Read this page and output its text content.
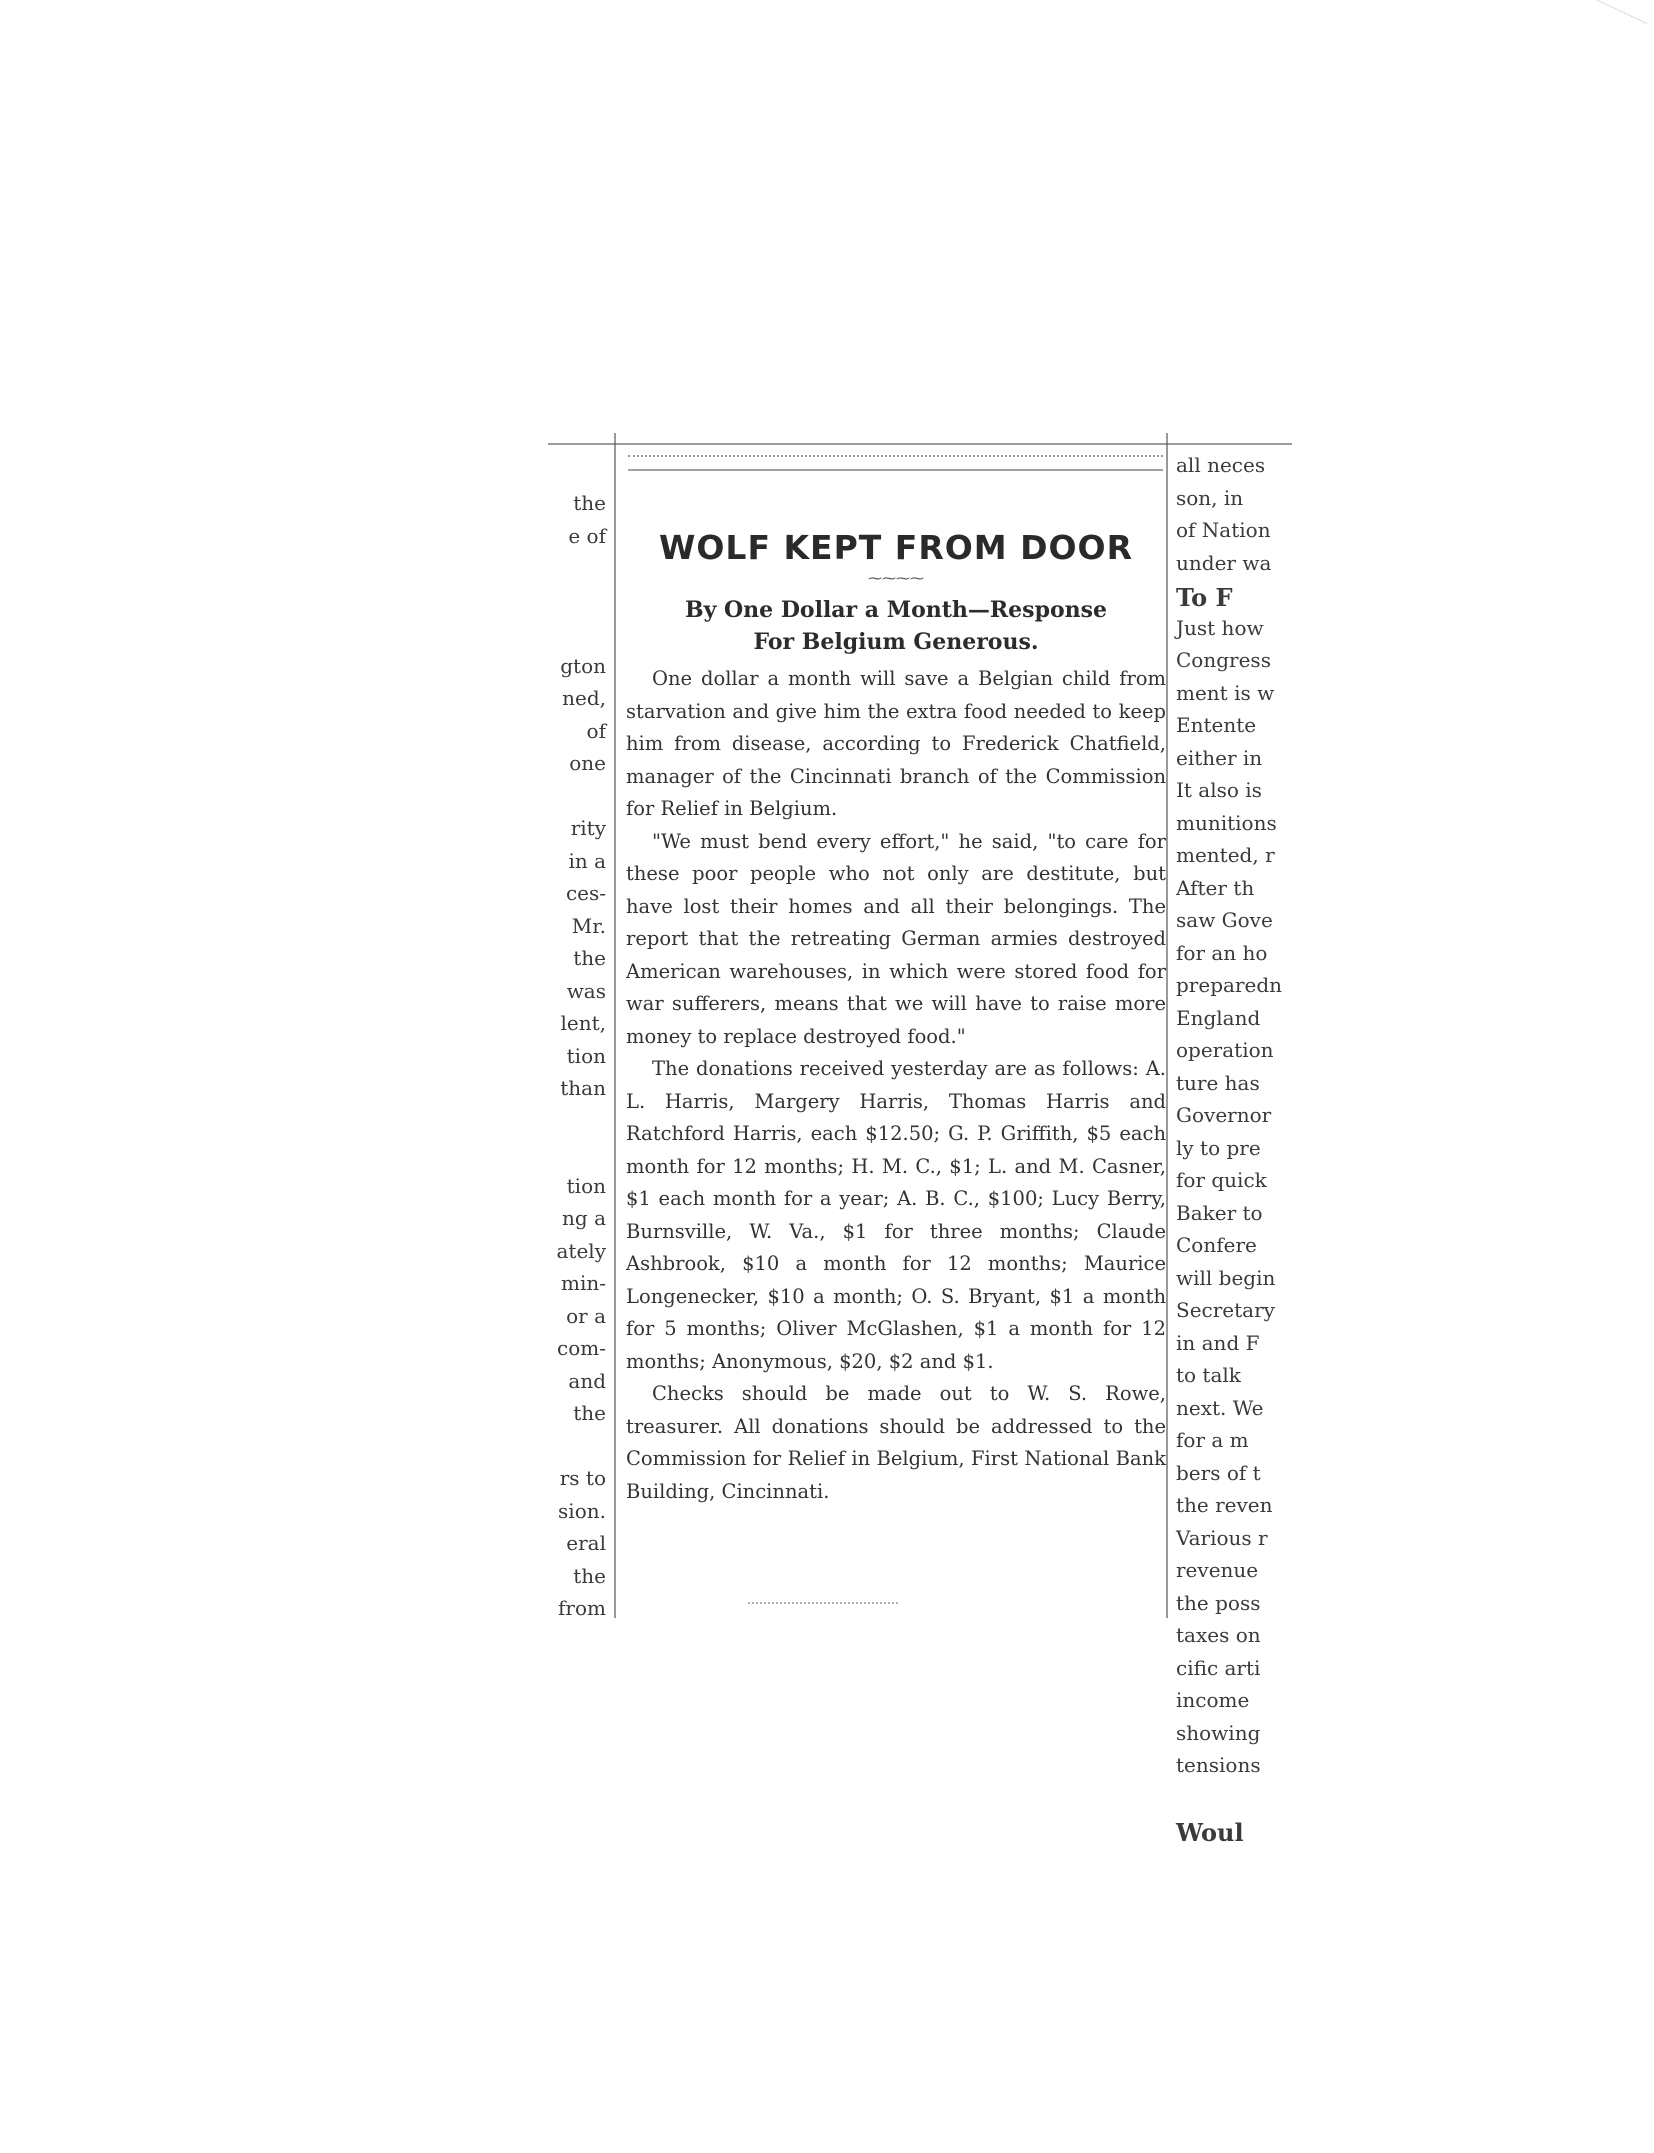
the
e of
gton
ned,
of
one
rity
in a
ces-
Mr.
the
was
lent,
tion
than
tion
ng a
ately
min-
or a
com-
and
the
rs to
sion.
eral
the
from
WOLF KEPT FROM DOOR
⁓⁓⁓⁓
By One Dollar a Month—Response
For Belgium Generous.

One dollar a month will save a Belgian child from starvation and give him the extra food needed to keep him from disease, according to Frederick Chatfield, manager of the Cincinnati branch of the Commission for Relief in Belgium.

"We must bend every effort," he said, "to care for these poor people who not only are destitute, but have lost their homes and all their belongings. The report that the retreating German armies destroyed American warehouses, in which were stored food for war sufferers, means that we will have to raise more money to replace destroyed food."

The donations received yesterday are as follows: A. L. Harris, Margery Harris, Thomas Harris and Ratchford Harris, each $12.50; G. P. Griffith, $5 each month for 12 months; H. M. C., $1; L. and M. Casner, $1 each month for a year; A. B. C., $100; Lucy Berry, Burnsville, W. Va., $1 for three months; Claude Ashbrook, $10 a month for 12 months; Maurice Longenecker, $10 a month; O. S. Bryant, $1 a month for 5 months; Oliver McGlashen, $1 a month for 12 months; Anonymous, $20, $2 and $1.

Checks should be made out to W. S. Rowe, treasurer. All donations should be addressed to the Commission for Relief in Belgium, First National Bank Building, Cincinnati.

all neces
son, in
of Nation
under wa
To F
Just how
Congress
ment is w
Entente
either in
It also is
munitions
mented, r
After th
saw Gove
for an ho
preparedn
England
operation
ture has
Governor
ly to pre
for quick
Baker to
Confere
will begin
Secretary
in and F
to talk
next. We
for a m
bers of t
the reven
Various r
revenue
the poss
taxes on
cific arti
income
showing
tensions
Woul
